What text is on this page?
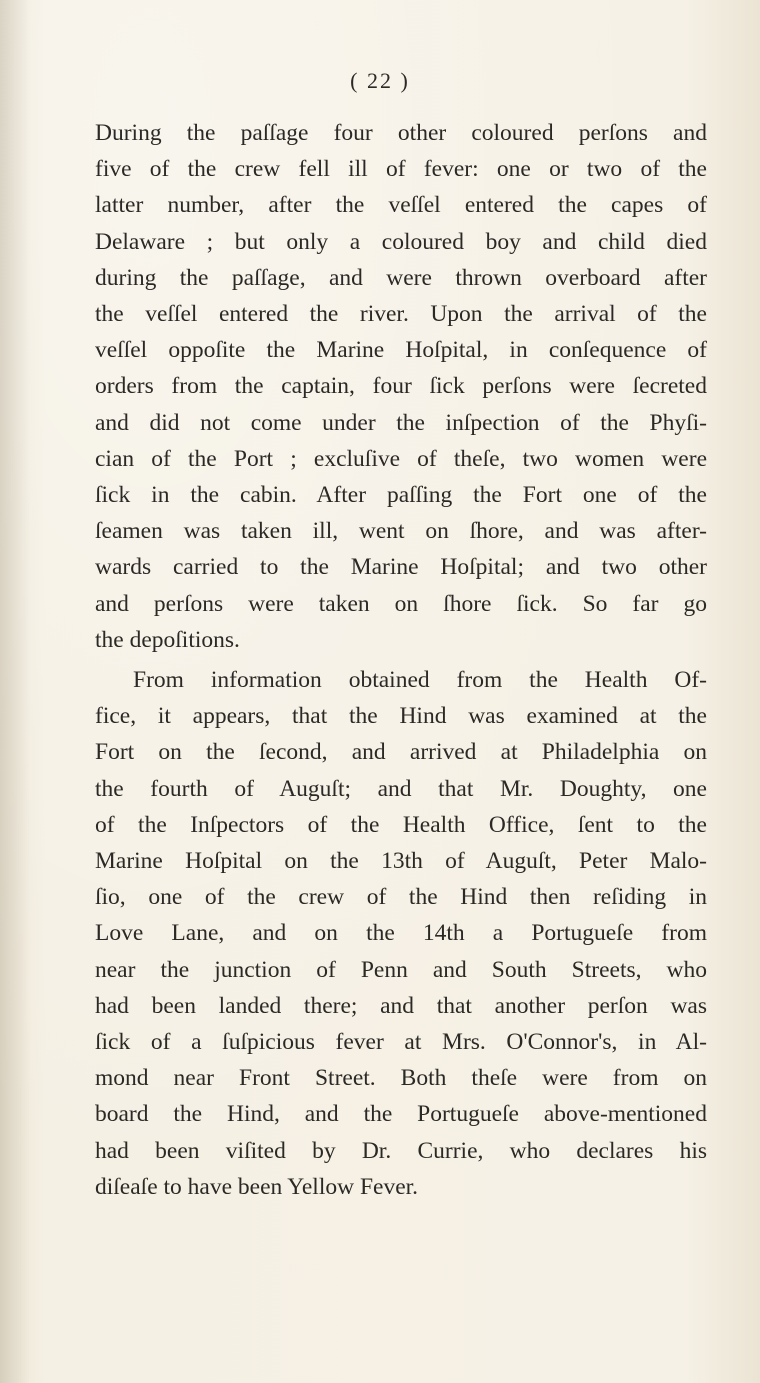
( 22 )

During the paſſage four other coloured perſons and
five of the crew fell ill of fever: one or two of the
latter number, after the veſſel entered the capes of
Delaware ; but only a coloured boy and child died
during the paſſage, and were thrown overboard after
the veſſel entered the river. Upon the arrival of the
veſſel oppoſite the Marine Hoſpital, in conſequence of
orders from the captain, four ſick perſons were ſecreted
and did not come under the inſpection of the Phyſi-
cian of the Port ; excluſive of theſe, two women were
ſick in the cabin. After paſſing the Fort one of the
ſeamen was taken ill, went on ſhore, and was after-
wards carried to the Marine Hoſpital; and two other
and perſons were taken on ſhore ſick. So far go
the depoſitions.

From information obtained from the Health Of-
fice, it appears, that the Hind was examined at the
Fort on the ſecond, and arrived at Philadelphia on
the fourth of Auguſt; and that Mr. Doughty, one
of the Inſpectors of the Health Office, ſent to the
Marine Hoſpital on the 13th of Auguſt, Peter Malo-
ſio, one of the crew of the Hind then reſiding in
Love Lane, and on the 14th a Portugueſe from
near the junction of Penn and South Streets, who
had been landed there; and that another perſon was
ſick of a ſuſpicious fever at Mrs. O'Connor's, in Al-
mond near Front Street. Both theſe were from on
board the Hind, and the Portugueſe above-mentioned
had been viſited by Dr. Currie, who declares his
diſeaſe to have been Yellow Fever.
